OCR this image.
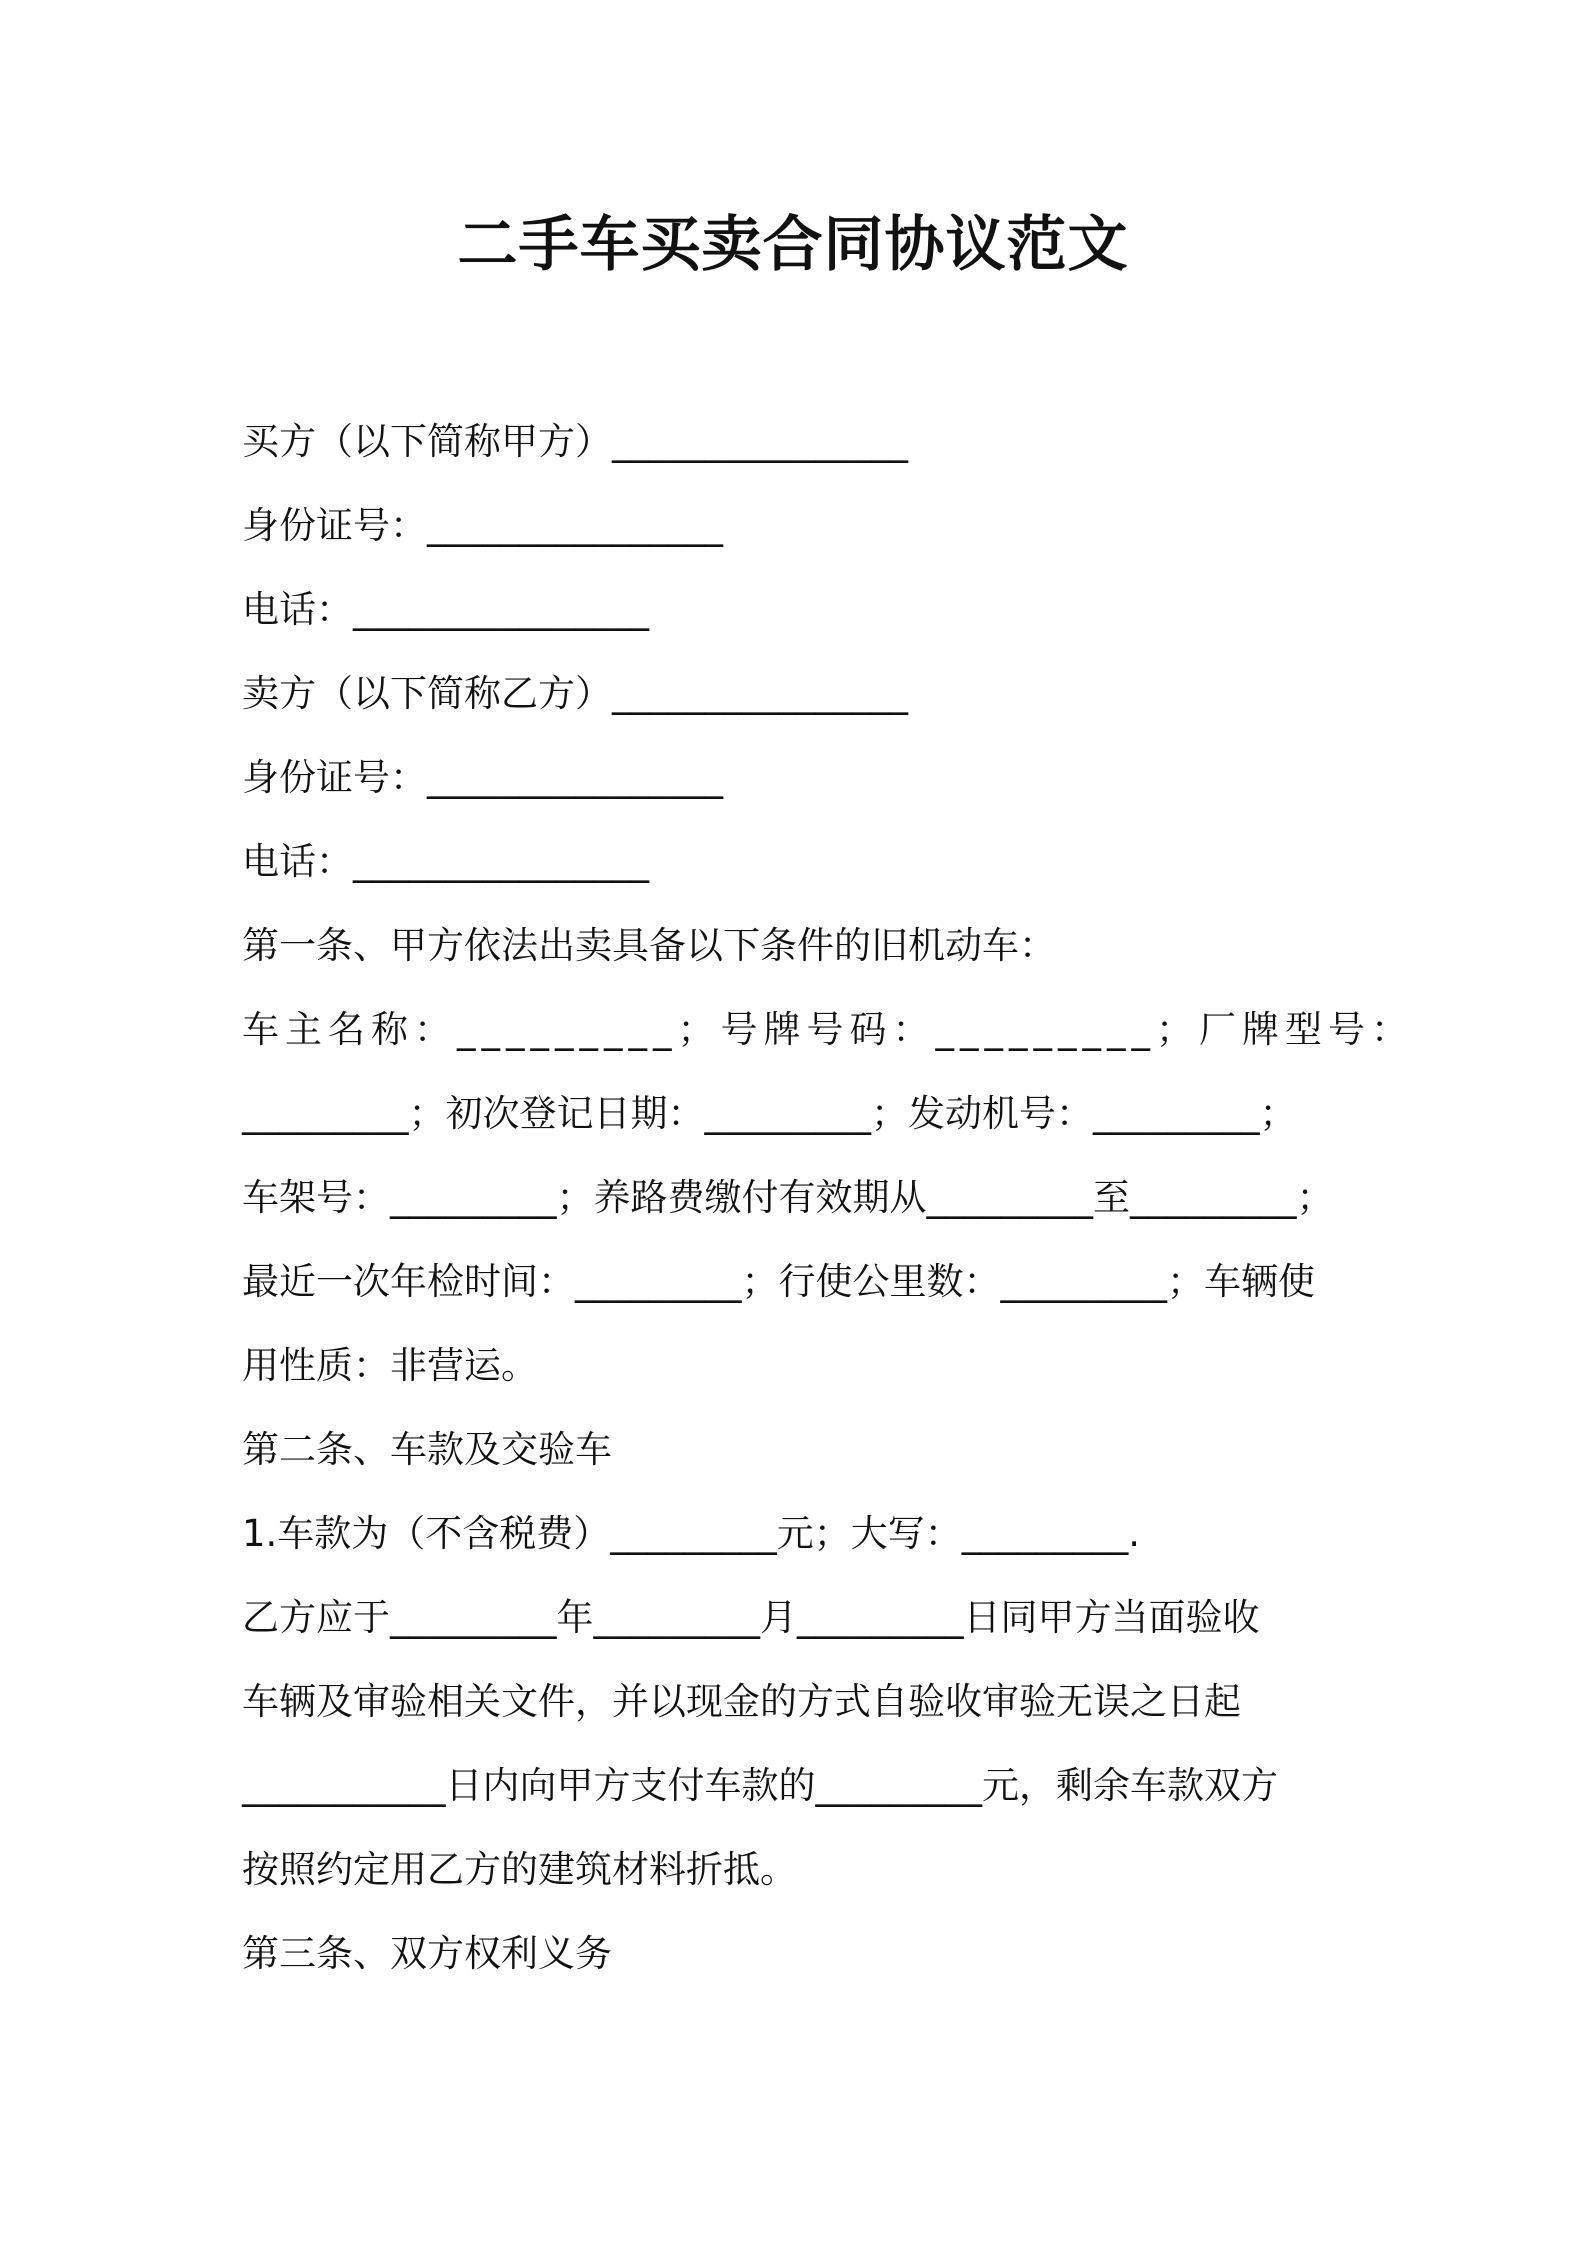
二手车买卖合同协议范文

买方（以下简称甲方）________________

身份证号：________________

电话：________________

卖方（以下简称乙方）________________

身份证号：________________

电话：________________

第一条、甲方依法出卖具备以下条件的旧机动车：

车主名称：_________；号牌号码：_________；厂牌型号：

_________；初次登记日期：_________；发动机号：_________；

车架号：_________；养路费缴付有效期从_________至_________；

最近一次年检时间：_________；行使公里数：_________；车辆使

用性质：非营运。

第二条、车款及交验车

1.车款为（不含税费）_________元；大写：_________.

乙方应于_________年_________月_________日同甲方当面验收

车辆及审验相关文件，并以现金的方式自验收审验无误之日起

___________日内向甲方支付车款的_________元，剩余车款双方

按照约定用乙方的建筑材料折抵。

第三条、双方权利义务
